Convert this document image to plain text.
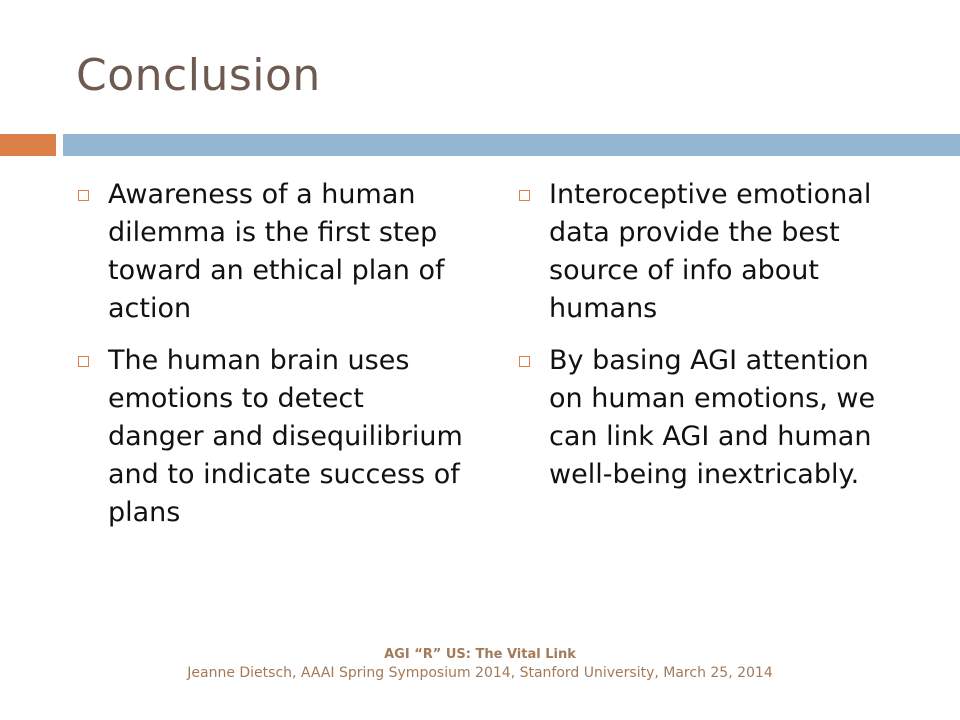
Conclusion
Awareness of a human dilemma is the first step toward an ethical plan of action
The human brain uses emotions to detect danger and disequilibrium and to indicate success of plans
Interoceptive emotional data provide the best source of info about humans
By basing AGI attention on human emotions, we can link AGI and human well-being inextricably.
AGI “R” US: The Vital Link
Jeanne Dietsch, AAAI Spring Symposium 2014, Stanford University, March 25, 2014
